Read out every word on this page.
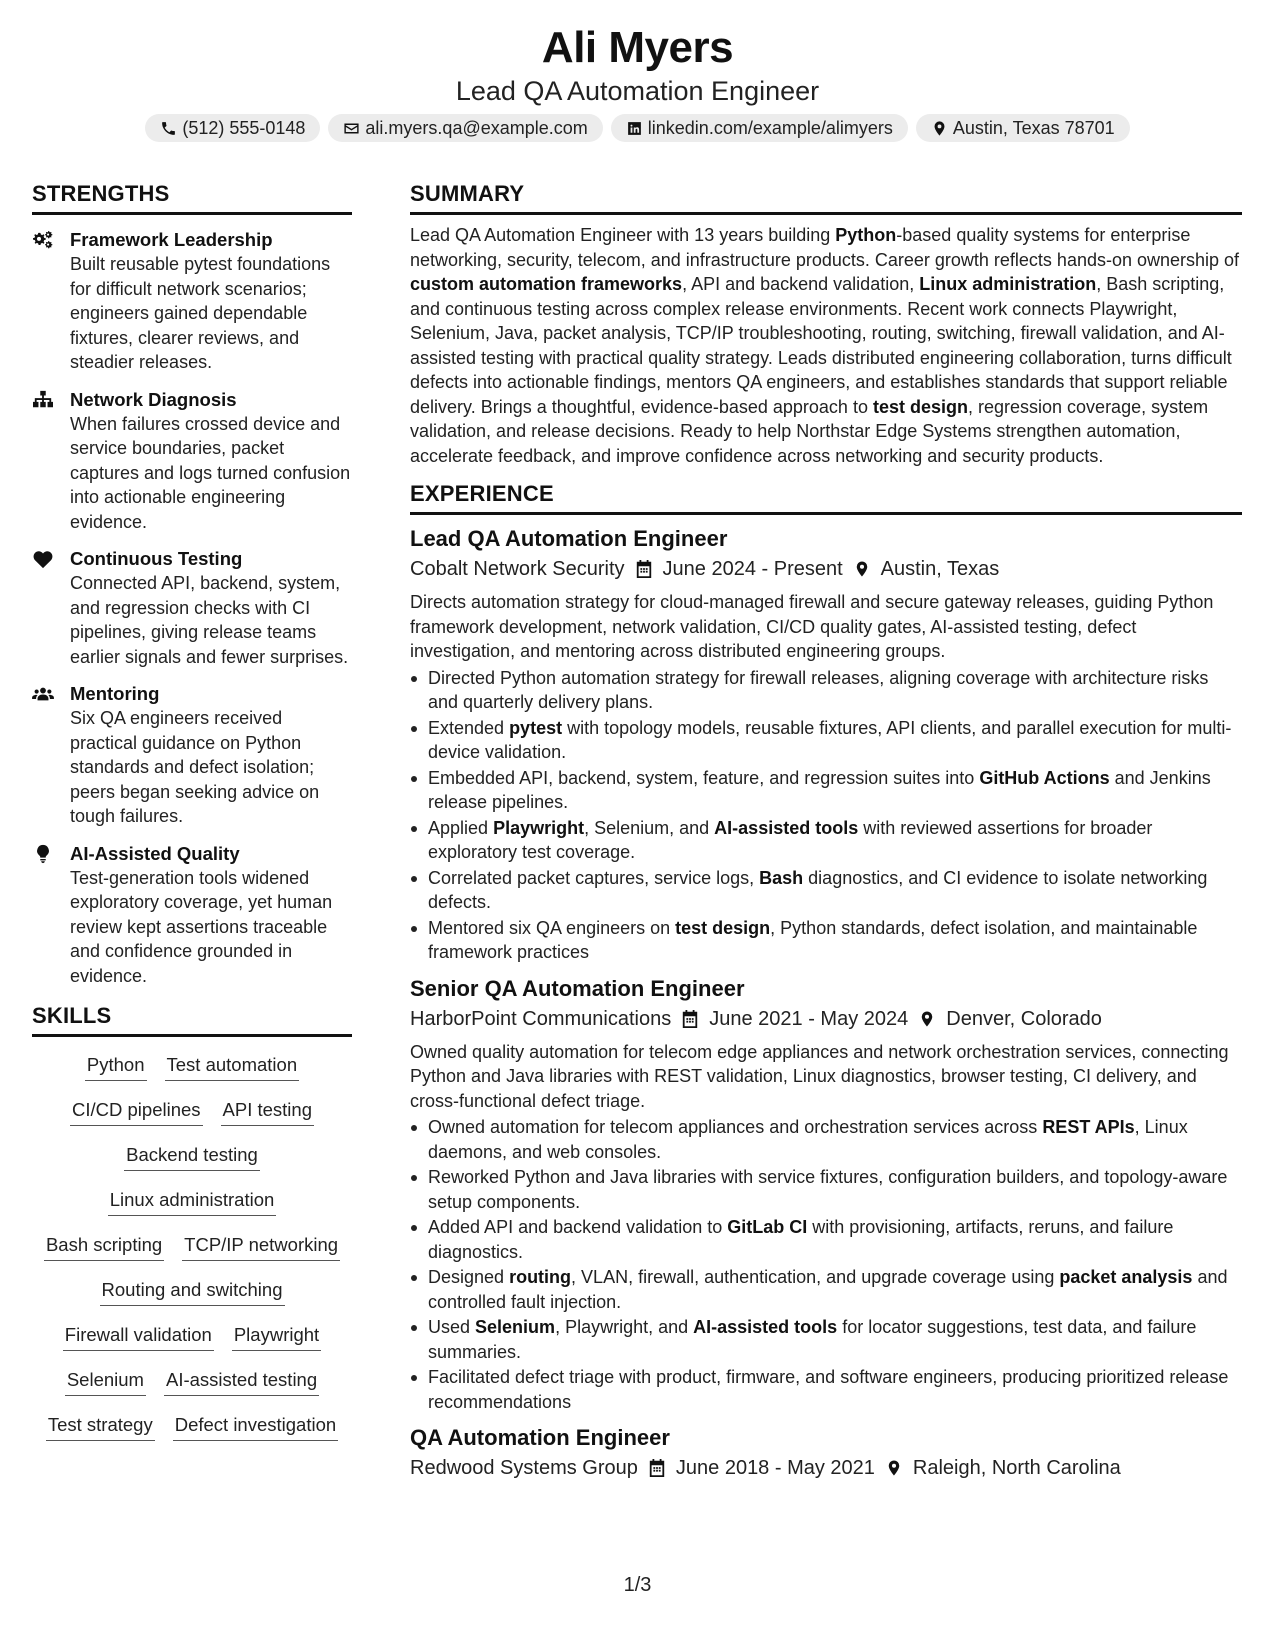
Ali Myers
Lead QA Automation Engineer
(512) 555-0148	ali.myers.qa@example.com	linkedin.com/example/alimyers	Austin, Texas 78701
STRENGTHS
Framework Leadership
Built reusable pytest foundations for difficult network scenarios; engineers gained dependable fixtures, clearer reviews, and steadier releases.
Network Diagnosis
When failures crossed device and service boundaries, packet captures and logs turned confusion into actionable engineering evidence.
Continuous Testing
Connected API, backend, system, and regression checks with CI pipelines, giving release teams earlier signals and fewer surprises.
Mentoring
Six QA engineers received practical guidance on Python standards and defect isolation; peers began seeking advice on tough failures.
AI-Assisted Quality
Test-generation tools widened exploratory coverage, yet human review kept assertions traceable and confidence grounded in evidence.
SKILLS
Python Test automation
CI/CD pipelines API testing
Backend testing
Linux administration
Bash scripting TCP/IP networking
Routing and switching
Firewall validation Playwright
Selenium AI-assisted testing
Test strategy Defect investigation
SUMMARY

Lead QA Automation Engineer with 13 years building Python-based quality systems for enterprise networking, security, telecom, and infrastructure products. Career growth reflects hands-on ownership of custom automation frameworks, API and backend validation, Linux administration, Bash scripting, and continuous testing across complex release environments. Recent work connects Playwright, Selenium, Java, packet analysis, TCP/IP troubleshooting, routing, switching, firewall validation, and AI-assisted testing with practical quality strategy. Leads distributed engineering collaboration, turns difficult defects into actionable findings, mentors QA engineers, and establishes standards that support reliable delivery. Brings a thoughtful, evidence-based approach to test design, regression coverage, system validation, and release decisions. Ready to help Northstar Edge Systems strengthen automation, accelerate feedback, and improve confidence across networking and security products.

EXPERIENCE
Lead QA Automation Engineer
Cobalt Network Security June 2024 - Present Austin, Texas
Directs automation strategy for cloud-managed firewall and secure gateway releases, guiding Python framework development, network validation, CI/CD quality gates, AI-assisted testing, defect investigation, and mentoring across distributed engineering groups.
Directed Python automation strategy for firewall releases, aligning coverage with architecture risks and quarterly delivery plans.
Extended pytest with topology models, reusable fixtures, API clients, and parallel execution for multi-device validation.
Embedded API, backend, system, feature, and regression suites into GitHub Actions and Jenkins release pipelines.
Applied Playwright, Selenium, and AI-assisted tools with reviewed assertions for broader exploratory test coverage.
Correlated packet captures, service logs, Bash diagnostics, and CI evidence to isolate networking defects.
Mentored six QA engineers on test design, Python standards, defect isolation, and maintainable framework practices
Senior QA Automation Engineer
HarborPoint Communications June 2021 - May 2024 Denver, Colorado
Owned quality automation for telecom edge appliances and network orchestration services, connecting Python and Java libraries with REST validation, Linux diagnostics, browser testing, CI delivery, and cross-functional defect triage.
Owned automation for telecom appliances and orchestration services across REST APIs, Linux daemons, and web consoles.
Reworked Python and Java libraries with service fixtures, configuration builders, and topology-aware setup components.
Added API and backend validation to GitLab CI with provisioning, artifacts, reruns, and failure diagnostics.
Designed routing, VLAN, firewall, authentication, and upgrade coverage using packet analysis and controlled fault injection.
Used Selenium, Playwright, and AI-assisted tools for locator suggestions, test data, and failure summaries.
Facilitated defect triage with product, firmware, and software engineers, producing prioritized release recommendations
QA Automation Engineer
Redwood Systems Group June 2018 - May 2021 Raleigh, North Carolina
1/3
